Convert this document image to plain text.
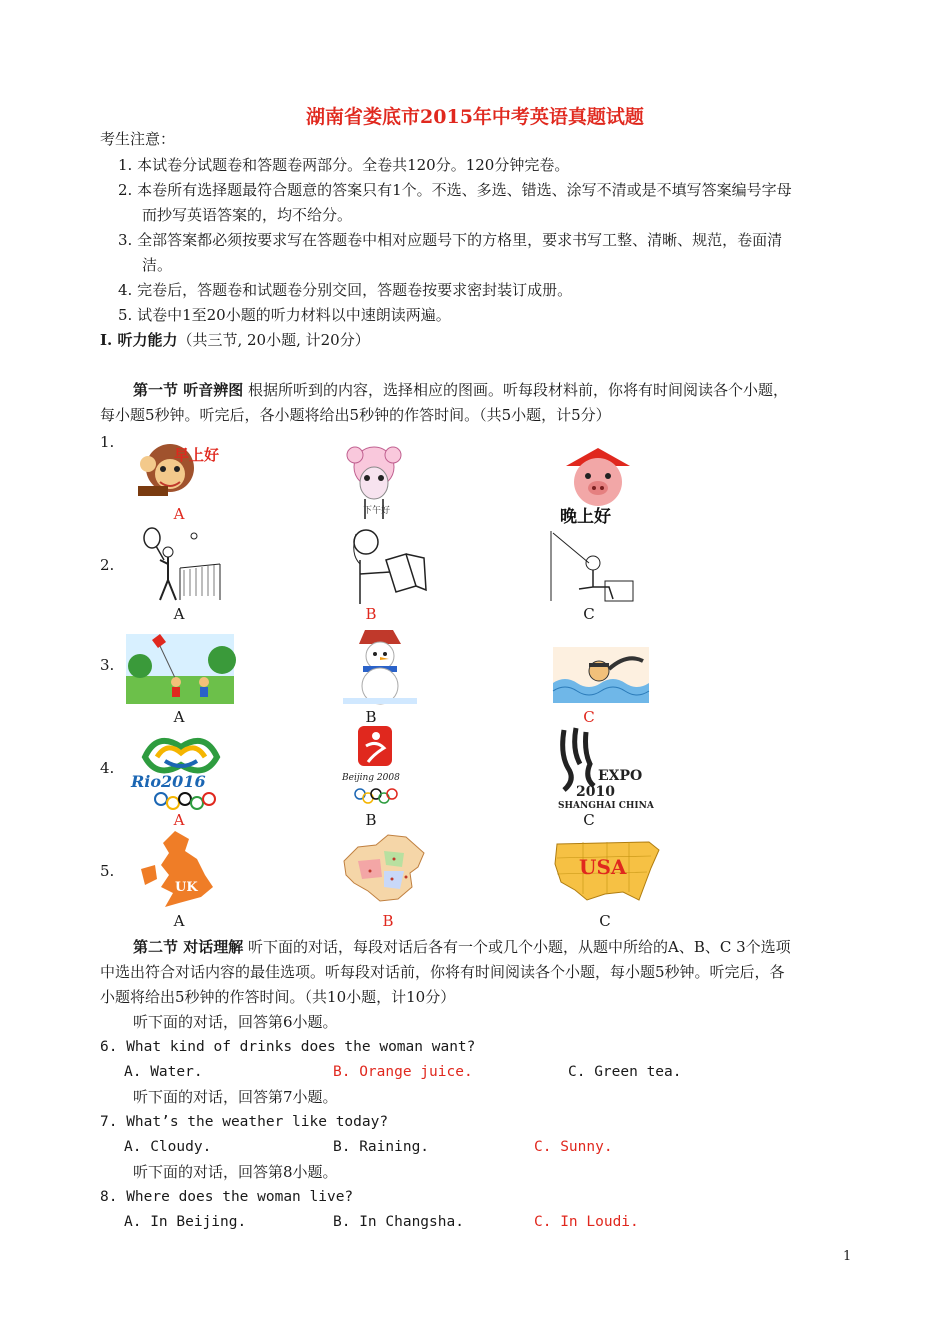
湖南省娄底市2015年中考英语真题试题
考生注意：
1. 本试卷分试题卷和答题卷两部分。全卷共120分。120分钟完卷。
2. 本卷所有选择题最符合题意的答案只有1个。不选、多选、错选、涂写不清或是不填写答案编号字母
而抄写英语答案的，均不给分。
3. 全部答案都必须按要求写在答题卷中相对应题号下的方格里，要求书写工整、清晰、规范，卷面清
洁。
4. 完卷后，答题卷和试题卷分别交回，答题卷按要求密封装订成册。
5. 试卷中1至20小题的听力材料以中速朗读两遍。
I. 听力能力（共三节, 20小题, 计20分）
第一节 听音辨图 根据所听到的内容，选择相应的图画。听每段材料前，你将有时间阅读各个小题，
每小题5秒钟。听完后，各小题将给出5秒钟的作答时间。（共5小题，计5分）
1.
早上好
下午好	晚上好
A
2.
A	B	C
3.
A	B	C
4.
Rio2016	Beijing 2008	EXPO
2010
SHANGHAI CHINA
A	B	C
5.
UK
USA
A	B	C
第二节 对话理解 听下面的对话，每段对话后各有一个或几个小题，从题中所给的A、B、C 3个选项
中选出符合对话内容的最佳选项。听每段对话前，你将有时间阅读各个小题，每小题5秒钟。听完后，各
小题将给出5秒钟的作答时间。（共10小题，计10分）
听下面的对话，回答第6小题。
6. What kind of drinks does the woman want?
A. Water.	B. Orange juice.	C. Green tea.
听下面的对话，回答第7小题。
7. What’s the weather like today?
A. Cloudy.	B. Raining.	C. Sunny.
听下面的对话，回答第8小题。
8. Where does the woman live?
A. In Beijing.	B. In Changsha.	C. In Loudi.
1
